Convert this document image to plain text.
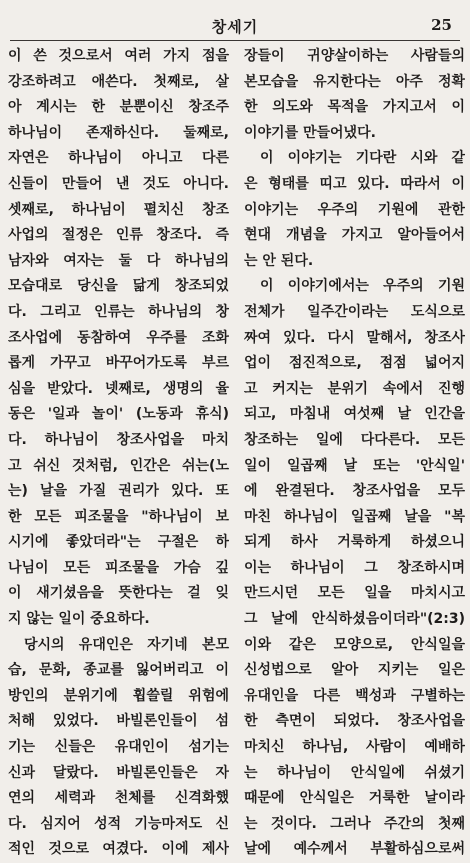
창세기	25
이 쓴 것으로서 여러 가지 점을
강조하려고 애쓴다. 첫째로, 살
아 계시는 한 분뿐이신 창조주
하나님이 존재하신다. 둘째로,
자연은 하나님이 아니고 다른
신들이 만들어 낸 것도 아니다.
셋째로, 하나님이 펼치신 창조
사업의 절정은 인류 창조다. 즉
남자와 여자는 둘 다 하나님의
모습대로 당신을 닮게 창조되었
다. 그리고 인류는 하나님의 창
조사업에 동참하여 우주를 조화
롭게 가꾸고 바꾸어가도록 부르
심을 받았다. 넷째로, 생명의 율
동은 '일과 놀이' (노동과 휴식)
다. 하나님이 창조사업을 마치
고 쉬신 것처럼, 인간은 쉬는(노
는) 날을 가질 권리가 있다. 또
한 모든 피조물을 "하나님이 보
시기에 좋았더라"는 구절은 하
나님이 모든 피조물을 가슴 깊
이 새기셨음을 뜻한다는 걸 잊
지 않는 일이 중요하다.
당시의 유대인은 자기네 본모
습, 문화, 종교를 잃어버리고 이
방인의 분위기에 휩쓸릴 위험에
처해 있었다. 바빌론인들이 섬
기는 신들은 유대인이 섬기는
신과 달랐다. 바빌론인들은 자
연의 세력과 천체를 신격화했
다. 심지어 성적 기능마저도 신
적인 것으로 여겼다. 이에 제사
장들이 귀양살이하는 사람들의
본모습을 유지한다는 아주 정확
한 의도와 목적을 가지고서 이
이야기를 만들어냈다.
이 이야기는 기다란 시와 같
은 형태를 띠고 있다. 따라서 이
이야기는 우주의 기원에 관한
현대 개념을 가지고 알아들어서
는 안 된다.
이 이야기에서는 우주의 기원
전체가 일주간이라는 도식으로
짜여 있다. 다시 말해서, 창조사
업이 점진적으로, 점점 넓어지
고 커지는 분위기 속에서 진행
되고, 마침내 여섯째 날 인간을
창조하는 일에 다다른다. 모든
일이 일곱째 날 또는 '안식일'
에 완결된다. 창조사업을 모두
마친 하나님이 일곱째 날을 "복
되게 하사 거룩하게 하셨으니
이는 하나님이 그 창조하시며
만드시던 모든 일을 마치시고
그 날에 안식하셨음이더라"(2:3)
이와 같은 모양으로, 안식일을
신성법으로 알아 지키는 일은
유대인을 다른 백성과 구별하는
한 측면이 되었다. 창조사업을
마치신 하나님, 사람이 예배하
는 하나님이 안식일에 쉬셨기
때문에 안식일은 거룩한 날이라
는 것이다. 그러나 주간의 첫째
날에 예수께서 부활하심으로써
